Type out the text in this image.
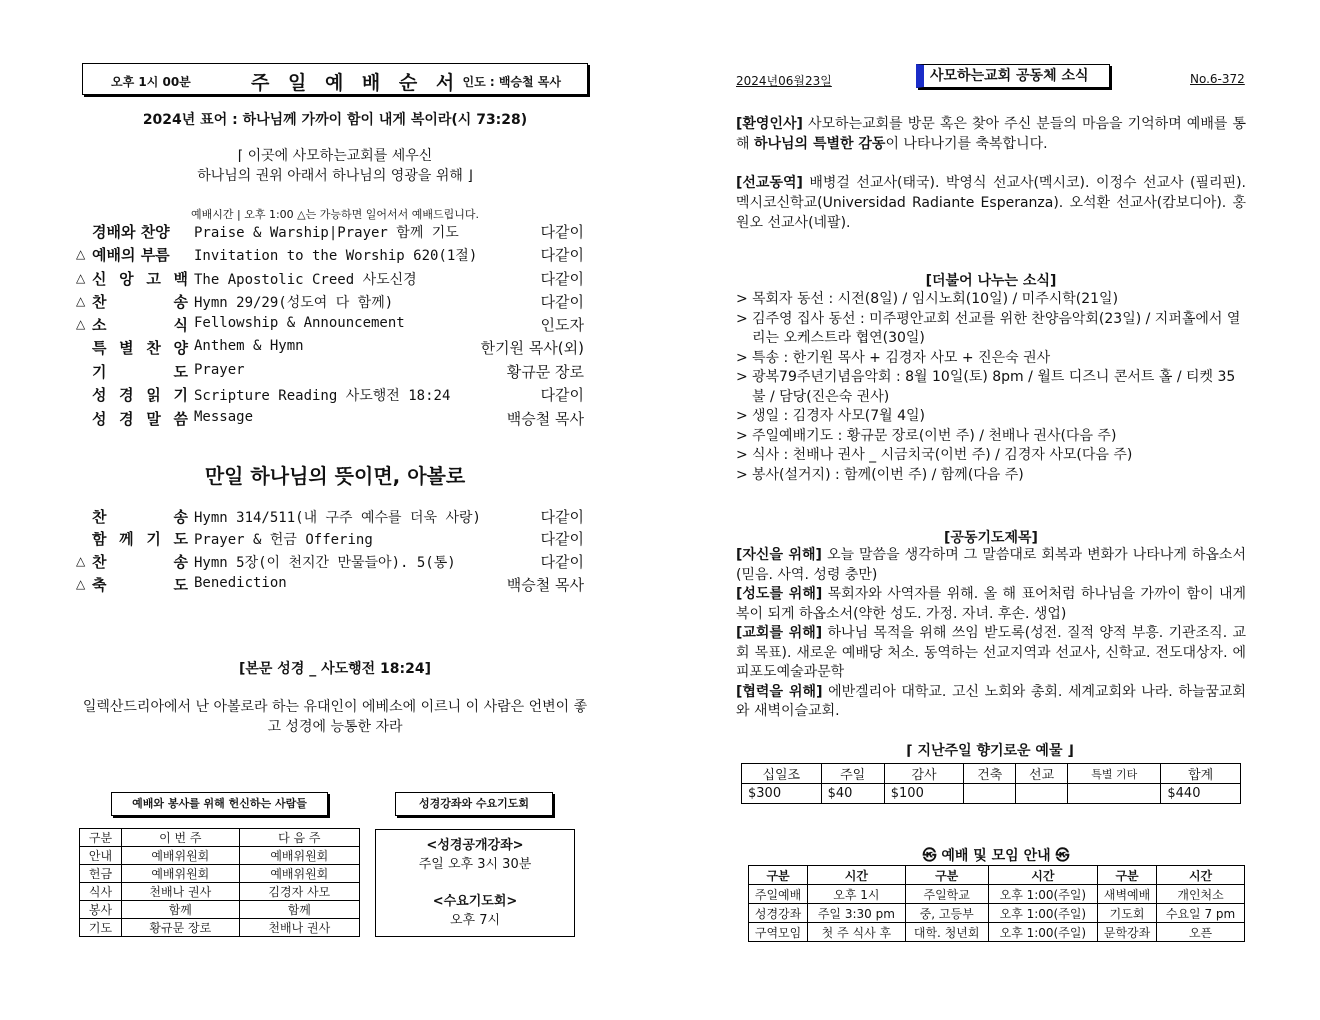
오후 1시 00분	주 일 예 배 순 서 인도 : 백승철 목사
2024년 표어 : 하나님께 가까이 함이 내게 복이라(시 73:28)
⌈ 이곳에 사모하는교회를 세우신
하나님의 권위 아래서 하나님의 영광을 위해 ⌋
예배시간 | 오후 1:00 △는 가능하면 일어서서 예배드립니다.
경배와 찬양 Praise & Warship|Prayer 함께 기도	다같이
△ 예배의 부름 Invitation to the Worship 620(1절)	다같이
△ 신 앙 고 백 The Apostolic Creed 사도신경	다같이
△ 찬	송 Hymn 29/29(성도여 다 함께)	다같이
△ 소	식 Fellowship & Announcement	인도자
특 별 찬 양 Anthem & Hymn	한기원 목사(외)
기	도 Prayer	황규문 장로
성 경 읽 기 Scripture Reading 사도행전 18:24	다같이
성 경 말 씀 Message	백승철 목사
만일 하나님의 뜻이면, 아볼로
찬	송 Hymn 314/511(내 구주 예수를 더욱 사랑)	다같이
함 께 기 도 Prayer & 헌금 Offering	다같이
△ 찬	송 Hymn 5장(이 천지간 만물들아). 5(통)	다같이
△ 축	도 Benediction	백승철 목사
[본문 성경 _ 사도행전 18:24]
일렉산드리아에서 난 아볼로라 하는 유대인이 에베소에 이르니 이 사람은 언변이 좋고 성경에 능통한 자라
예배와 봉사를 위해 헌신하는 사람들	성경강좌와 수요기도회
구분	이 번 주	다 음 주
안내	예배위원회	예배위원회
헌금	예배위원회	예배위원회
식사	천배나 권사	김경자 사모
봉사	함께	함께
기도	황규문 장로	천배나 권사
<성경공개강좌>
주일 오후 3시 30분
<수요기도회>
오후 7시
2024년06월23일	사모하는교회 공동체 소식	No.6-372
[환영인사] 사모하는교회를 방문 혹은 찾아 주신 분들의 마음을 기억하며 예배를 통해 하나님의 특별한 감동이 나타나기를 축복합니다.
[선교동역] 배병걸 선교사(태국). 박영식 선교사(멕시코). 이정수 선교사 (필리핀). 멕시코신학교(Universidad Radiante Esperanza). 오석환 선교사(캄보디아). 홍원오 선교사(네팔).
[더불어 나누는 소식]
> 목회자 동선 : 시전(8일) / 임시노회(10일) / 미주시학(21일)
> 김주영 집사 동선 : 미주평안교회 선교를 위한 찬양음악회(23일) / 지퍼홀에서 열리는 오케스트라 협연(30일)
> 특송 : 한기원 목사 + 김경자 사모 + 진은숙 권사
> 광복79주년기념음악회 : 8월 10일(토) 8pm / 월트 디즈니 콘서트 홀 / 티켓 35불 / 담당(진은숙 권사)
> 생일 : 김경자 사모(7월 4일)
> 주일예배기도 : 황규문 장로(이번 주) / 천배나 권사(다음 주)
> 식사 : 천배나 권사 _ 시금치국(이번 주) / 김경자 사모(다음 주)
> 봉사(설거지) : 함께(이번 주) / 함께(다음 주)
[공동기도제목]

[자신을 위해] 오늘 말씀을 생각하며 그 말씀대로 회복과 변화가 나타나게 하옵소서(믿음. 사역. 성령 충만)

[성도를 위해] 목회자와 사역자를 위해. 올 해 표어처럼 하나님을 가까이 함이 내게 복이 되게 하옵소서(약한 성도. 가정. 자녀. 후손. 생업)

[교회를 위해] 하나님 목적을 위해 쓰임 받도록(성전. 질적 양적 부흥. 기관조직. 교회 목표). 새로운 예배당 처소. 동역하는 선교지역과 선교사, 신학교. 전도대상자. 에피포도예술과문학

[협력을 위해] 에반겔리아 대학교. 고신 노회와 총회. 세계교회와 나라. 하늘꿈교회와 새벽이슬교회.

⌈ 지난주일 향기로운 예물 ⌋
십일조	주일	감사	건축	선교	특별 기타	합계
$300	$40	$100				$440
㉿ 예배 및 모임 안내 ㉿
구분	시간	구분	시간	구분	시간
주일예배	오후 1시	주일학교	오후 1:00(주일)	새벽예배	개인처소
성경강좌	주일 3:30 pm	중, 고등부	오후 1:00(주일)	기도회	수요일 7 pm
구역모임	첫 주 식사 후	대학. 청년회	오후 1:00(주일)	문학강좌	오픈
